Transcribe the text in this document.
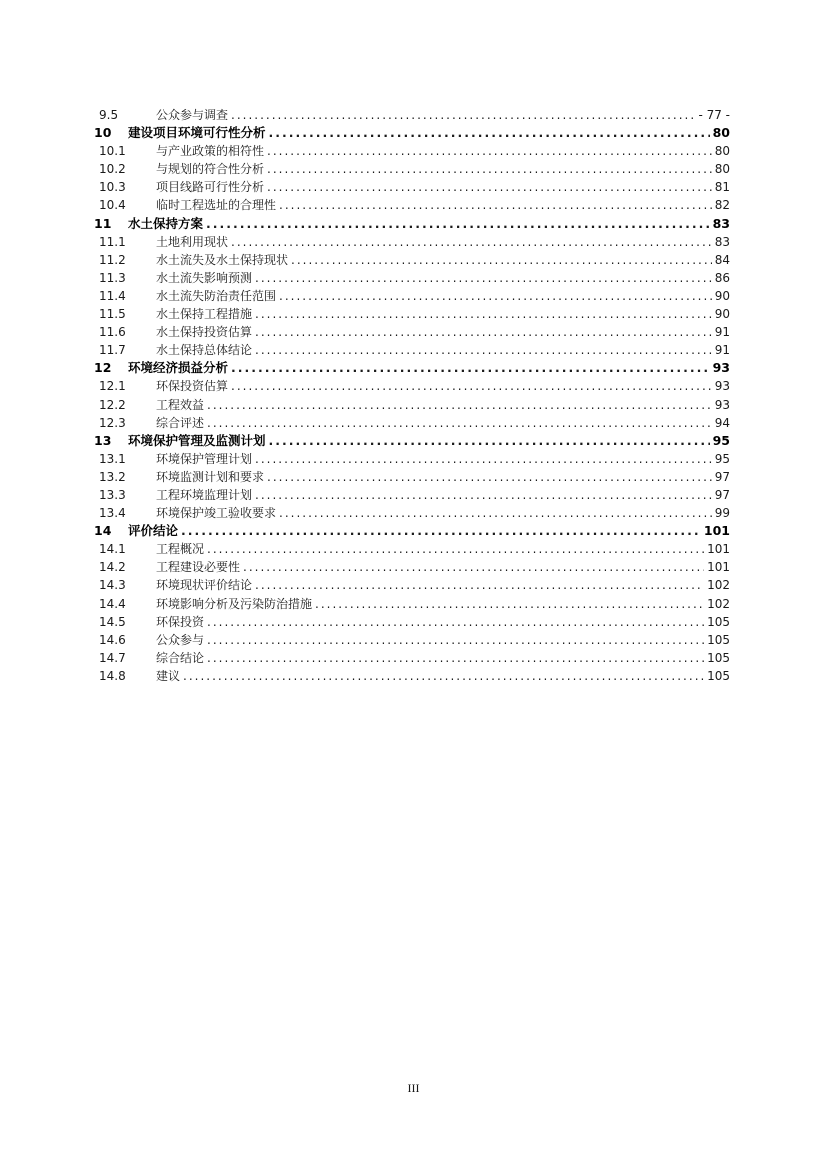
9.5	公众参与调查 .....	- 77 -
10	建设项目环境可行性分析 .....	80
10.1	与产业政策的相符性 .....	80
10.2	与规划的符合性分析 .....	80
10.3	项目线路可行性分析 .....	81
10.4	临时工程选址的合理性 .....	82
11	水土保持方案 .....	83
11.1	土地利用现状 .....	83
11.2	水土流失及水土保持现状 .....	84
11.3	水土流失影响预测 .....	86
11.4	水土流失防治责任范围 .....	90
11.5	水土保持工程措施 .....	90
11.6	水土保持投资估算 .....	91
11.7	水土保持总体结论 .....	91
12	环境经济损益分析 .....	93
12.1	环保投资估算 .....	93
12.2	工程效益 .....	93
12.3	综合评述 .....	94
13	环境保护管理及监测计划 .....	95
13.1	环境保护管理计划 .....	95
13.2	环境监测计划和要求 .....	97
13.3	工程环境监理计划 .....	97
13.4	环境保护竣工验收要求 .....	99
14	评价结论 .....	101
14.1	工程概况 .....	101
14.2	工程建设必要性 .....	101
14.3	环境现状评价结论 .....	102
14.4	环境影响分析及污染防治措施 .....	102
14.5	环保投资 .....	105
14.6	公众参与 .....	105
14.7	综合结论 .....	105
14.8	建议 .....	105
III
